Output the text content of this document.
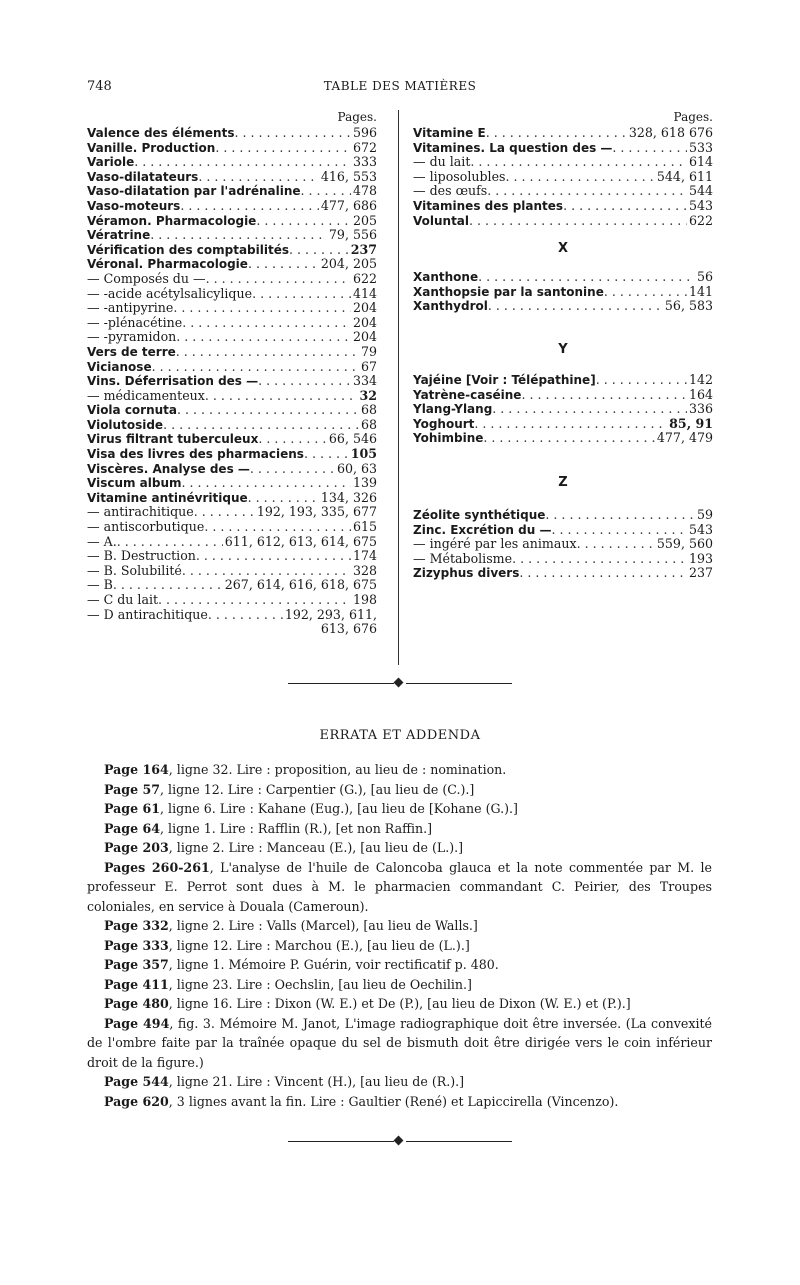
748	TABLE DES MATIÈRES
Pages.
Valence des éléments . . .	596
Vanille. Production . . .	672
Variole . . .	333
Vaso-dilatateurs . . .	416, 553
Vaso-dilatation par l'adrénaline . . .	478
Vaso-moteurs . . .	477, 686
Véramon. Pharmacologie . . .	205
Vératrine . . .	79, 556
Vérification des comptabilités . . .	237
Véronal. Pharmacologie . . .	204, 205
— Composés du — . . .	622
— -acide acétylsalicylique . . .	414
— -antipyrine . . .	204
— -plénacétine . . .	204
— -pyramidon . . .	204
Vers de terre . . .	79
Vicianose . . .	67
Vins. Déferrisation des — . . .	334
— médicamenteux . . .	32
Viola cornuta . . .	68
Violutoside . . .	68
Virus filtrant tuberculeux . . .	66, 546
Visa des livres des pharmaciens . . .	105
Viscères. Analyse des — . . .	60, 63
Viscum album . . .	139
Vitamine antinévritique . . .	134, 326
— antirachitique . . .	192, 193, 335, 677
— antiscorbutique . . .	615
— A. . . .	611, 612, 613, 614, 675
— B. Destruction . . .	174
— B. Solubilité . . .	328
— B . . .	267, 614, 616, 618, 675
— C du lait . . .	198
— D antirachitique . . .	192, 293, 611,
613, 676
Pages.
Vitamine E . . .	328, 618 676
Vitamines. La question des — . . .	533
— du lait . . .	614
— liposolubles . . .	544, 611
— des œufs . . .	544
Vitamines des plantes . . .	543
Voluntal . . .	622
X
Xanthone . . .	56
Xanthopsie par la santonine . . .	141
Xanthydrol . . .	56, 583
Y
Yajéine [Voir : Télépathine] . . .	142
Yatrène-caséine . . .	164
Ylang-Ylang . . .	336
Yoghourt . . .	85, 91
Yohimbine . . .	477, 479
Z
Zéolite synthétique . . .	59
Zinc. Excrétion du — . . .	543
— ingéré par les animaux . . .	559, 560
— Métabolisme . . .	193
Zizyphus divers . . .	237
ERRATA ET ADDENDA

Page 164, ligne 32. Lire : proposition, au lieu de : nomination.

Page 57, ligne 12. Lire : Carpentier (G.), [au lieu de (C.).]

Page 61, ligne 6. Lire : Kahane (Eug.), [au lieu de [Kohane (G.).]

Page 64, ligne 1. Lire : Rafflin (R.), [et non Raffin.]

Page 203, ligne 2. Lire : Manceau (E.), [au lieu de (L.).]

Pages 260-261, L'analyse de l'huile de Caloncoba glauca et la note commentée par M. le professeur E. Perrot sont dues à M. le pharmacien commandant C. Peirier, des Troupes coloniales, en service à Douala (Cameroun).

Page 332, ligne 2. Lire : Valls (Marcel), [au lieu de Walls.]

Page 333, ligne 12. Lire : Marchou (E.), [au lieu de (L.).]

Page 357, ligne 1. Mémoire P. Guérin, voir rectificatif p. 480.

Page 411, ligne 23. Lire : Oechslin, [au lieu de Oechilin.]

Page 480, ligne 16. Lire : Dixon (W. E.) et De (P.), [au lieu de Dixon (W. E.) et (P.).]

Page 494, fig. 3. Mémoire M. Janot, L'image radiographique doit être inversée. (La convexité de l'ombre faite par la traînée opaque du sel de bismuth doit être dirigée vers le coin inférieur droit de la figure.)

Page 544, ligne 21. Lire : Vincent (H.), [au lieu de (R.).]

Page 620, 3 lignes avant la fin. Lire : Gaultier (René) et Lapiccirella (Vincenzo).
